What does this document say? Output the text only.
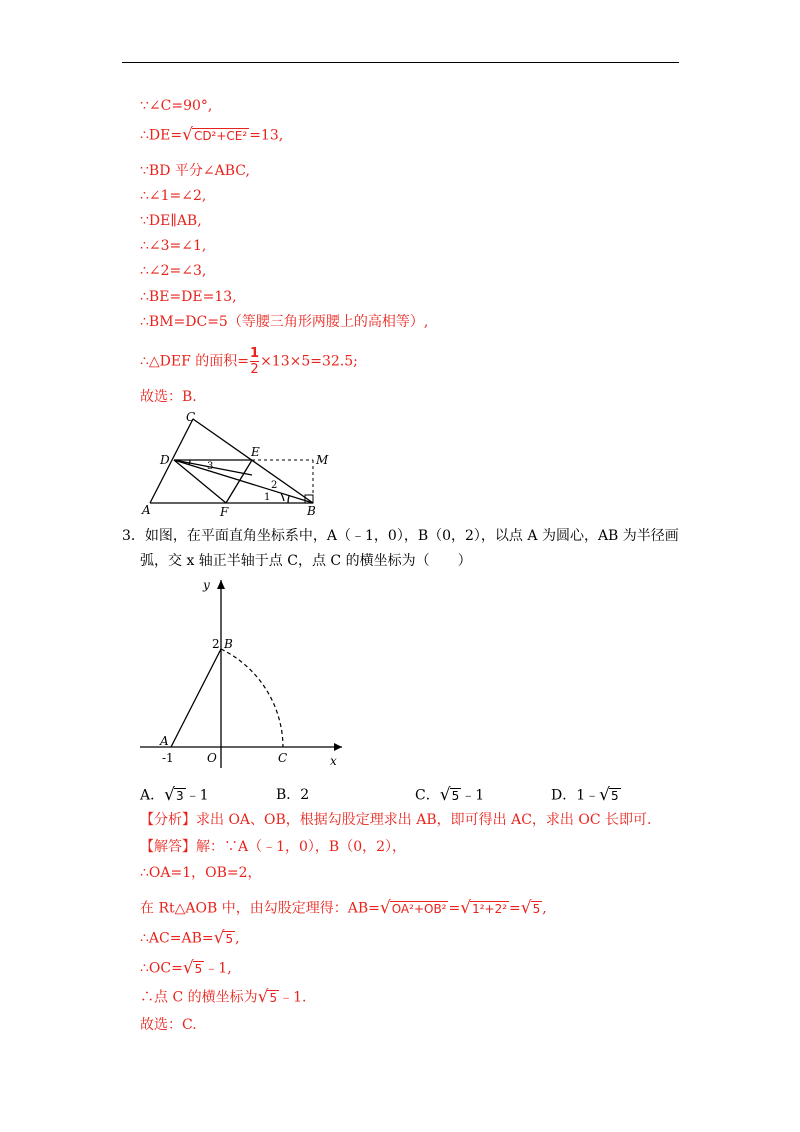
∵∠C=90°,
∴DE=√CD²+CE² =13,
∵BD 平分∠ABC,
∴∠1=∠2,
∵DE∥AB,
∴∠3=∠1,
∴∠2=∠3,
∴BE=DE=13,
∴BM=DC=5（等腰三角形两腰上的高相等）,
∴△DEF 的面积= $\frac{1}{2} \times 13\times 5=32.5$;
故选：B.
C
D
E
M
A	F	B
3
2
1
3．如图，在平面直角坐标系中，A（﹣1，0），B（0，2），以点 A 为圆心，AB 为半径画
弧，交 x 轴正半轴于点 C，点 C 的横坐标为（　　）
y
x
2 B
A
O	C
-1
A．√3 ﹣1	B．2	C．√5 ﹣1	D．1﹣√5
【分析】求出 OA、OB，根据勾股定理求出 AB，即可得出 AC，求出 OC 长即可.
【解答】解：∵A（﹣1，0），B（0，2），
∴OA=1，OB=2，
在 Rt△AOB 中，由勾股定理得：AB=√OA²+OB² =√1²+2² =√5 ,
∴AC=AB=√5 ,
∴OC=√5 ﹣1,
∴点 C 的横坐标为√5 ﹣1.
故选：C.
